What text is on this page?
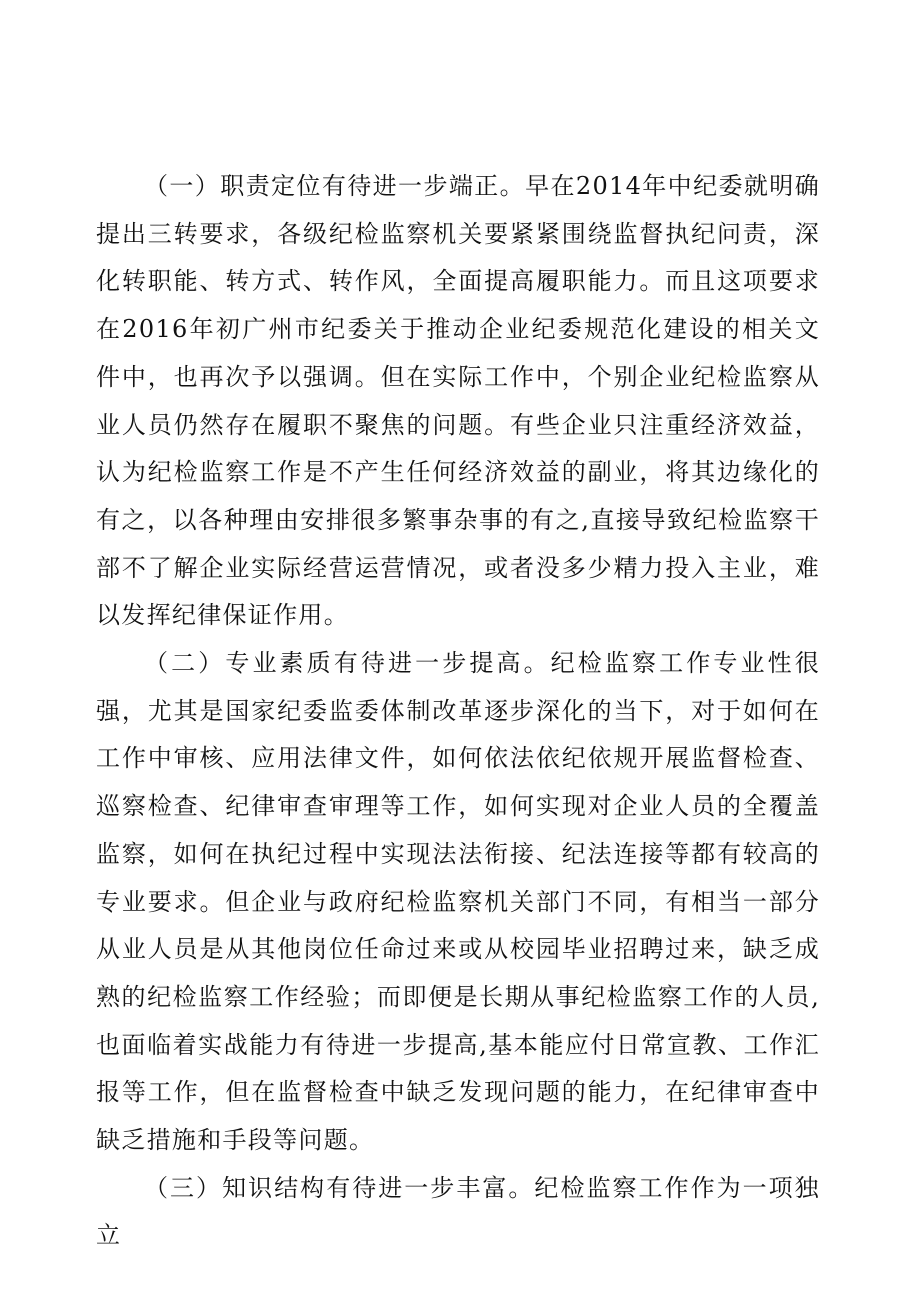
（一）职责定位有待进一步端正。早在2014年中纪委就明确提出三转要求，各级纪检监察机关要紧紧围绕监督执纪问责，深化转职能、转方式、转作风，全面提高履职能力。而且这项要求在2016年初广州市纪委关于推动企业纪委规范化建设的相关文件中，也再次予以强调。但在实际工作中，个别企业纪检监察从业人员仍然存在履职不聚焦的问题。有些企业只注重经济效益，认为纪检监察工作是不产生任何经济效益的副业，将其边缘化的有之，以各种理由安排很多繁事杂事的有之,直接导致纪检监察干部不了解企业实际经营运营情况，或者没多少精力投入主业，难以发挥纪律保证作用。

（二）专业素质有待进一步提高。纪检监察工作专业性很强，尤其是国家纪委监委体制改革逐步深化的当下，对于如何在工作中审核、应用法律文件，如何依法依纪依规开展监督检查、巡察检查、纪律审查审理等工作，如何实现对企业人员的全覆盖监察，如何在执纪过程中实现法法衔接、纪法连接等都有较高的专业要求。但企业与政府纪检监察机关部门不同，有相当一部分从业人员是从其他岗位任命过来或从校园毕业招聘过来，缺乏成熟的纪检监察工作经验；而即便是长期从事纪检监察工作的人员,也面临着实战能力有待进一步提高,基本能应付日常宣教、工作汇报等工作，但在监督检查中缺乏发现问题的能力，在纪律审查中缺乏措施和手段等问题。

（三）知识结构有待进一步丰富。纪检监察工作作为一项独立
